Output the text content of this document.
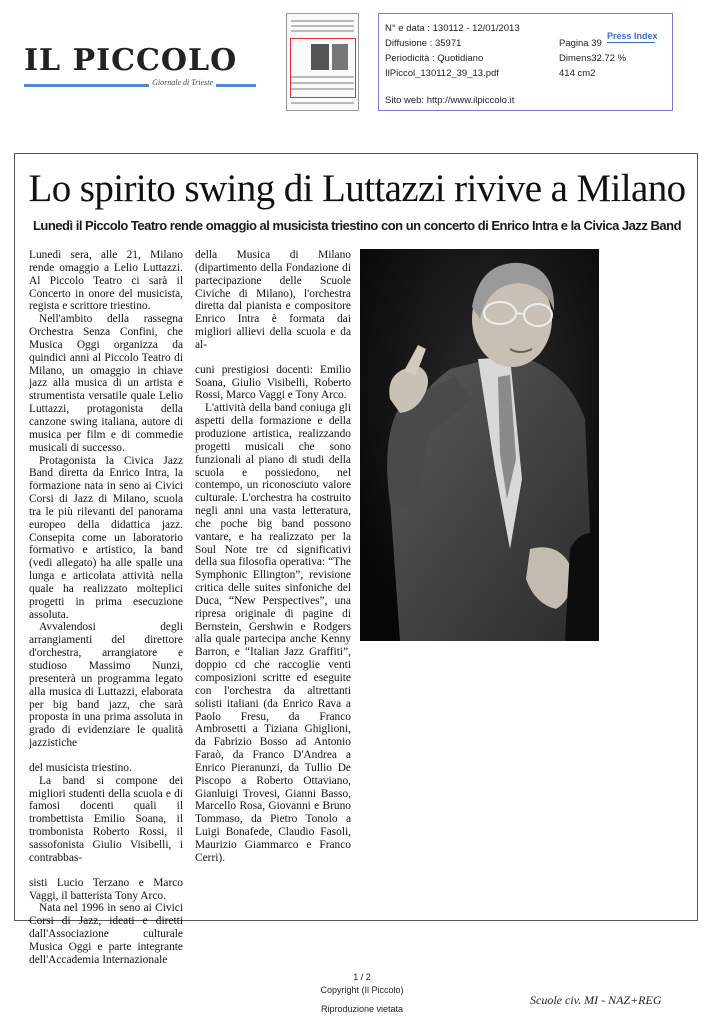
IL PICCOLO
Giornale di Trieste
N° e data : 130112 - 12/01/2013
Diffusione : 35971
Periodicità : Quotidiano
IlPiccol_130112_39_13.pdf
Sito web: http://www.ilpiccolo.it
Pagina 39
Dimens32.72 %
414 cm2
Press Index
Lo spirito swing di Luttazzi rivive a Milano
Lunedì il Piccolo Teatro rende omaggio al musicista triestino con un concerto di Enrico Intra e la Civica Jazz Band

Lunedì sera, alle 21, Milano rende omaggio a Lelio Luttazzi. Al Piccolo Teatro ci sarà il Concerto in onore del musicista, regista e scrittore triestino.

Nell'ambito della rassegna Orchestra Senza Confini, che Musica Oggi organizza da quindici anni al Piccolo Teatro di Milano, un omaggio in chiave jazz alla musica di un artista e strumentista versatile quale Lelio Luttazzi, protagonista della canzone swing italiana, autore di musica per film e di commedie musicali di successo.

Protagonista la Civica Jazz Band diretta da Enrico Intra, la formazione nata in seno ai Civici Corsi di Jazz di Milano, scuola tra le più rilevanti del panorama europeo della didattica jazz. Consepita come un laboratorio formativo e artistico, la band (vedi allegato) ha alle spalle una lunga e articolata attività nella quale ha realizzato molteplici progetti in prima esecuzione assoluta.

Avvalendosi degli arrangiamenti del direttore d'orchestra, arrangiatore e studioso Massimo Nunzi, presenterà un programma legato alla musica di Luttazzi, elaborata per big band jazz, che sarà proposta in una prima assoluta in grado di evidenziare le qualità jazzistiche

del musicista triestino.

La band si compone dei migliori studenti della scuola e di famosi docenti quali il trombettista Emilio Soana, il trombonista Roberto Rossi, il sassofonista Giulio Visibelli, i contrabbas-

sisti Lucio Terzano e Marco Vaggi, il batterista Tony Arco.

Nata nel 1996 in seno ai Civici Corsi di Jazz, ideati e diretti dall'Associazione culturale Musica Oggi e parte integrante dell'Accademia Internazionale

della Musica di Milano (dipartimento della Fondazione di partecipazione delle Scuole Civiche di Milano), l'orchestra diretta dal pianista e compositore Enrico Intra è formata dai migliori allievi della scuola e da al-

cuni prestigiosi docenti: Emilio Soana, Giulio Visibelli, Roberto Rossi, Marco Vaggi e Tony Arco.

L'attività della band coniuga gli aspetti della formazione e della produzione artistica, realizzando progetti musicali che sono funzionali al piano di studi della scuola e possiedono, nel contempo, un riconosciuto valore culturale. L'orchestra ha costruito negli anni una vasta letteratura, che poche big band possono vantare, e ha realizzato per la Soul Note tre cd significativi della sua filosofia operativa: “The Symphonic Ellington”, revisione critica delle suites sinfoniche del Duca, “New Perspectives”, una ripresa originale di pagine di Bernstein, Gershwin e Rodgers alla quale partecipa anche Kenny Barron, e “Italian Jazz Graffiti”, doppio cd che raccoglie venti composizioni scritte ed eseguite con l'orchestra da altrettanti solisti italiani (da Enrico Rava a Paolo Fresu, da Franco Ambrosetti a Tiziana Ghiglioni, da Fabrizio Bosso ad Antonio Faraò, da Franco D'Andrea a Enrico Pieranunzi, da Tullio De Piscopo a Roberto Ottaviano, Gianluigi Trovesi, Gianni Basso, Marcello Rosa, Giovanni e Bruno Tommaso, da Pietro Tonolo a Luigi Bonafede, Claudio Fasoli, Maurizio Giammarco e Franco Cerri).

1 / 2
Copyright (Il Piccolo)
Riproduzione vietata
Scuole civ. MI - NAZ+REG
